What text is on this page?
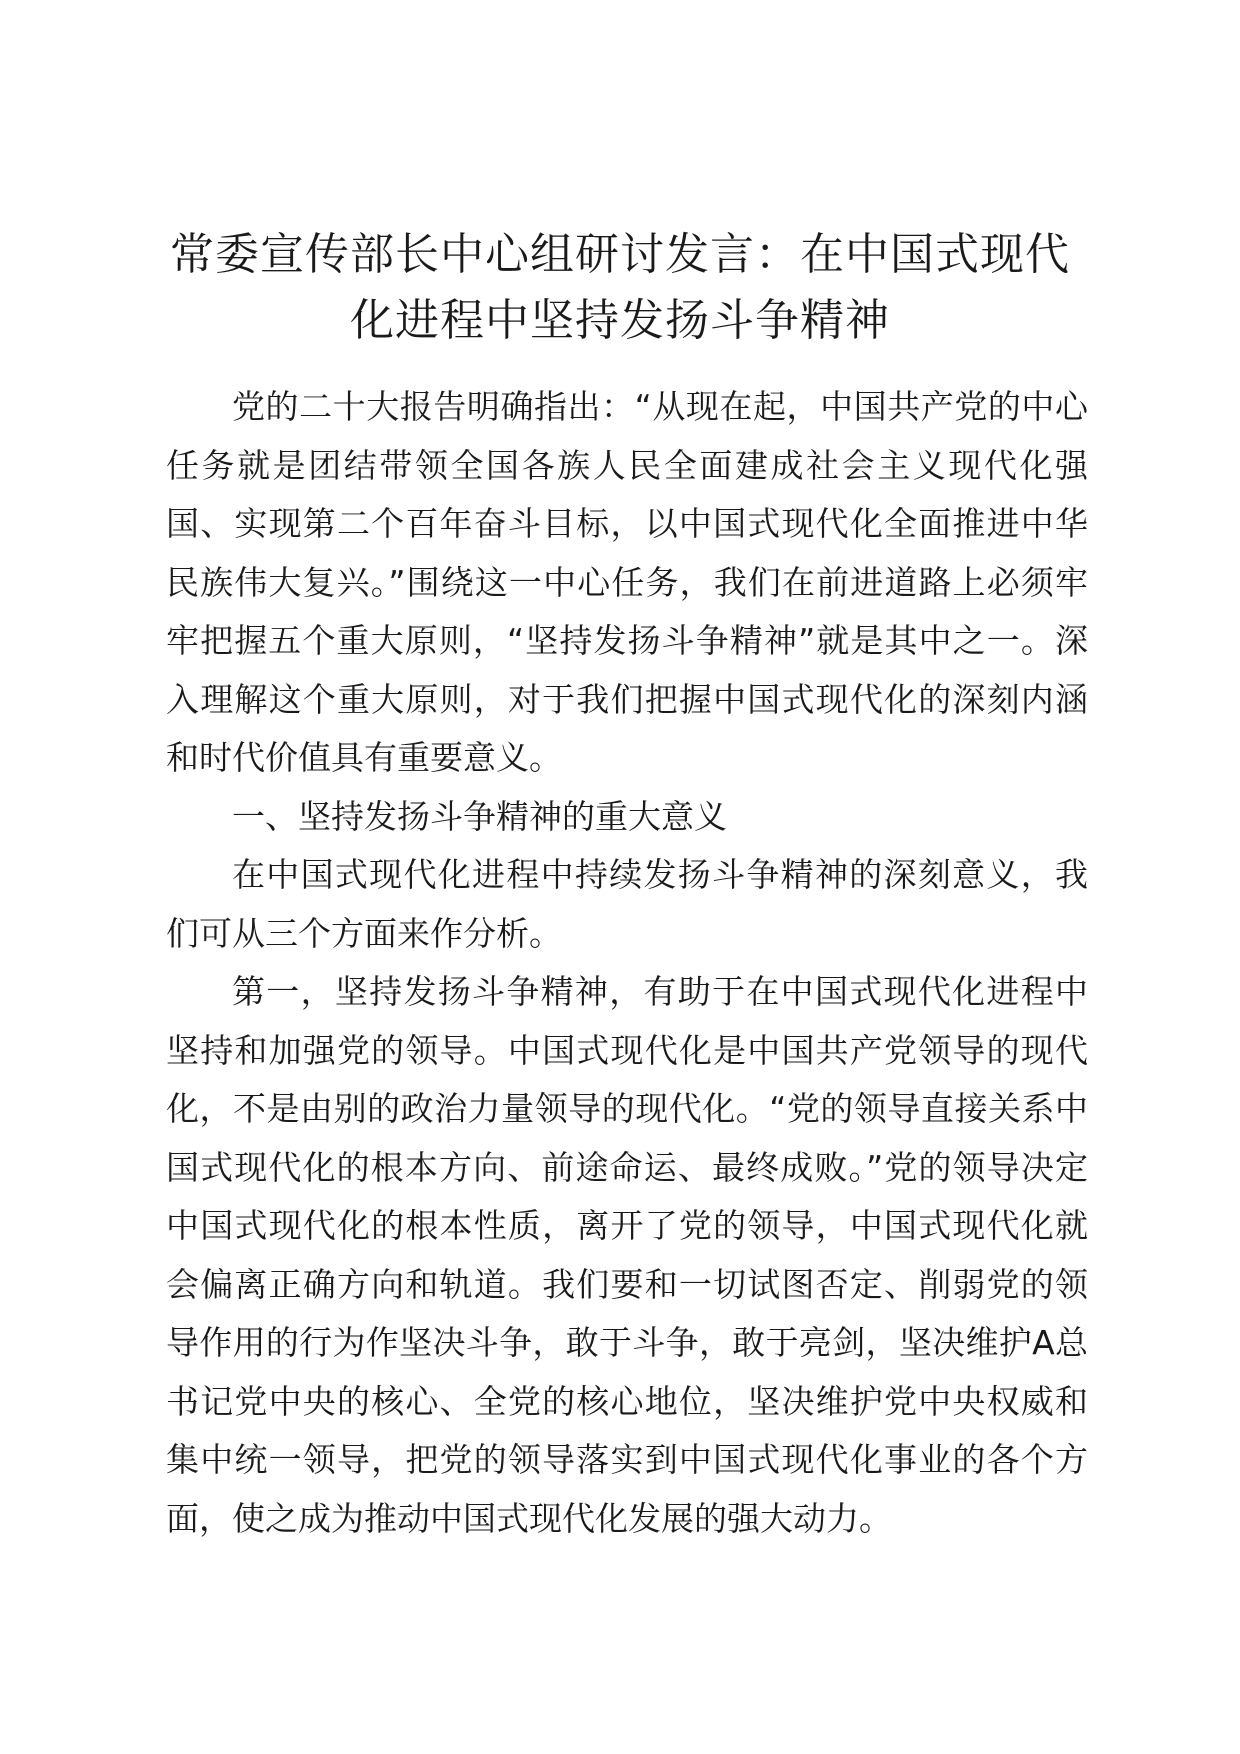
常委宣传部长中心组研讨发言：在中国式现代化进程中坚持发扬斗争精神

党的二十大报告明确指出：“从现在起，中国共产党的中心任务就是团结带领全国各族人民全面建成社会主义现代化强国、实现第二个百年奋斗目标，以中国式现代化全面推进中华民族伟大复兴。”围绕这一中心任务，我们在前进道路上必须牢牢把握五个重大原则，“坚持发扬斗争精神”就是其中之一。深入理解这个重大原则，对于我们把握中国式现代化的深刻内涵和时代价值具有重要意义。

一、坚持发扬斗争精神的重大意义

在中国式现代化进程中持续发扬斗争精神的深刻意义，我们可从三个方面来作分析。

第一，坚持发扬斗争精神，有助于在中国式现代化进程中坚持和加强党的领导。中国式现代化是中国共产党领导的现代化，不是由别的政治力量领导的现代化。“党的领导直接关系中国式现代化的根本方向、前途命运、最终成败。”党的领导决定中国式现代化的根本性质，离开了党的领导，中国式现代化就会偏离正确方向和轨道。我们要和一切试图否定、削弱党的领导作用的行为作坚决斗争，敢于斗争，敢于亮剑，坚决维护A总书记党中央的核心、全党的核心地位，坚决维护党中央权威和集中统一领导，把党的领导落实到中国式现代化事业的各个方面，使之成为推动中国式现代化发展的强大动力。
